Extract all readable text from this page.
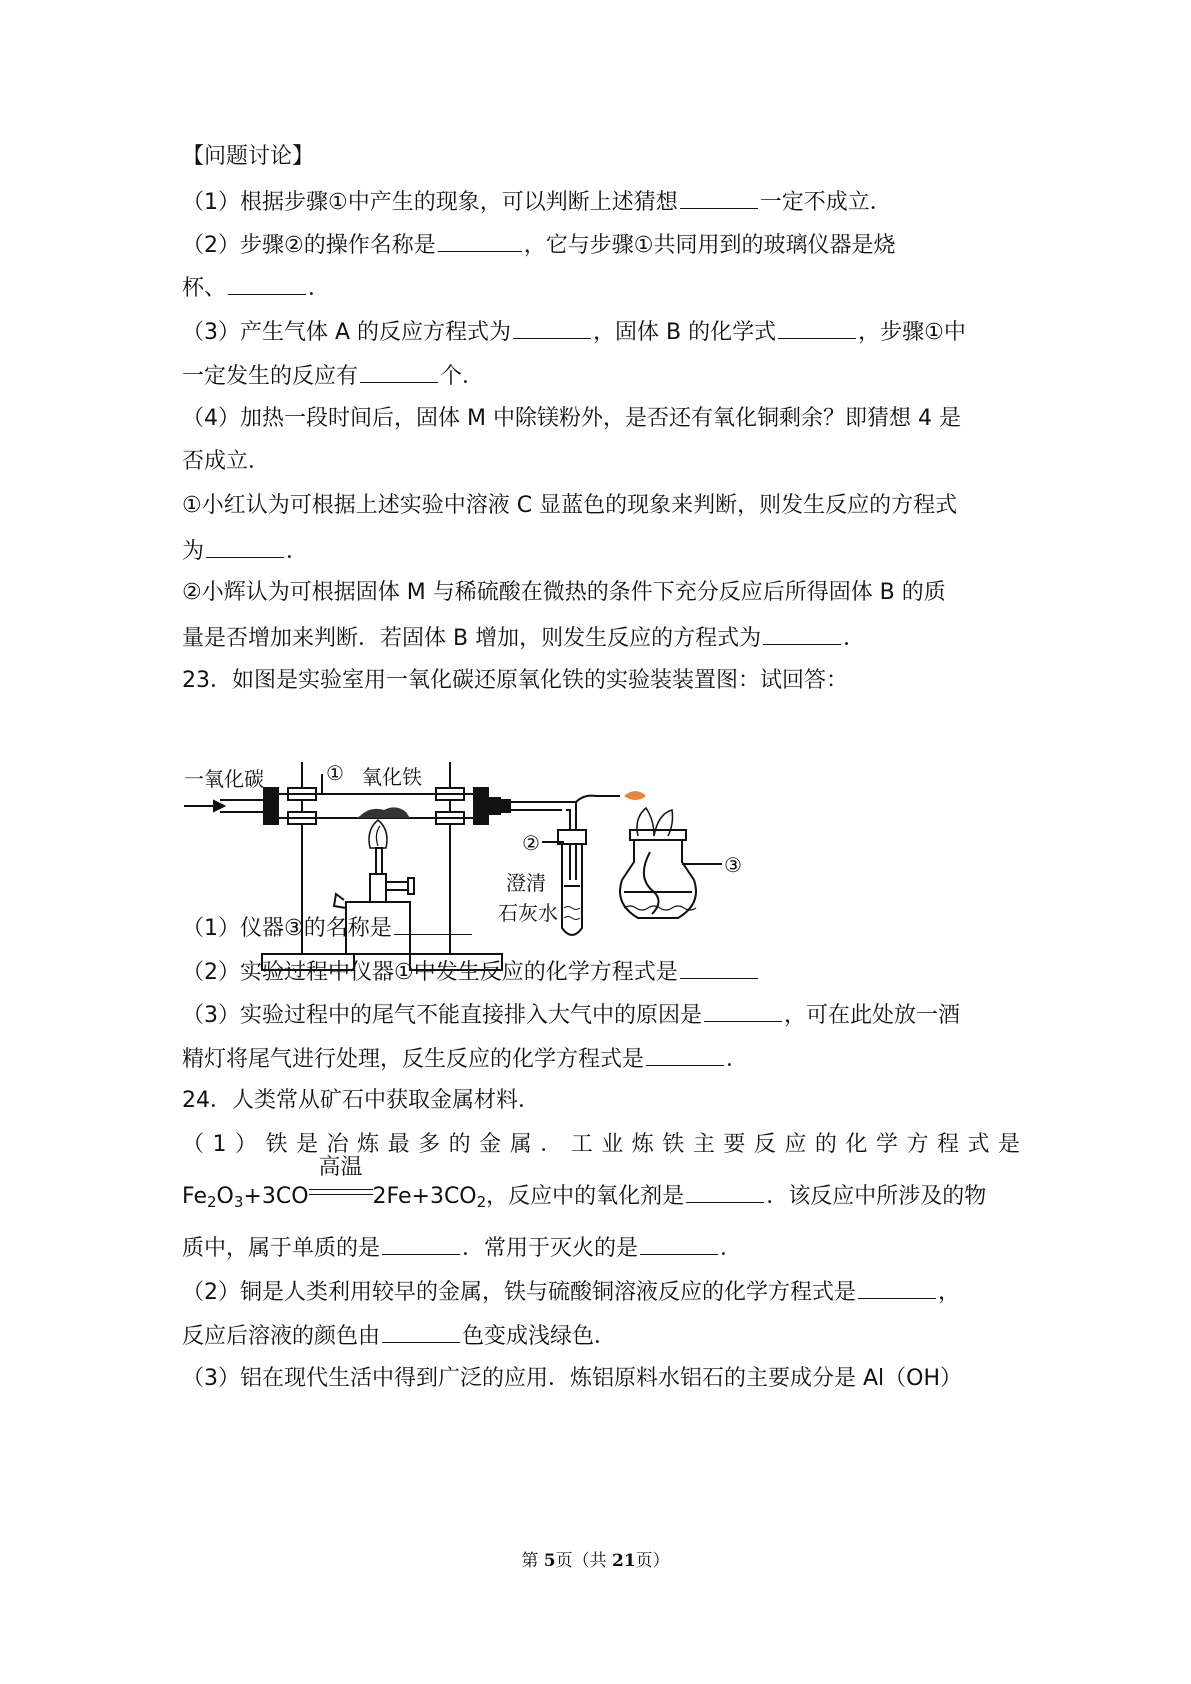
【问题讨论】
（1）根据步骤①中产生的现象，可以判断上述猜想	一定不成立．
（2）步骤②的操作名称是	，它与步骤①共同用到的玻璃仪器是烧
杯、	．
（3）产生气体 A 的反应方程式为	，固体 B 的化学式	，步骤①中
一定发生的反应有	个．
（4）加热一段时间后，固体 M 中除镁粉外，是否还有氧化铜剩余？即猜想 4 是
否成立．
①小红认为可根据上述实验中溶液 C 显蓝色的现象来判断，则发生反应的方程式
为	．
②小辉认为可根据固体 M 与稀硫酸在微热的条件下充分反应后所得固体 B 的质
量是否增加来判断．若固体 B 增加，则发生反应的方程式为	．
23．如图是实验室用一氧化碳还原氧化铁的实验装装置图：试回答：
一氧化碳	氧化铁
①
②
③
澄清
石灰水
（1）仪器③的名称是
（2）实验过程中仪器①中发生反应的化学方程式是
（3）实验过程中的尾气不能直接排入大气中的原因是	，可在此处放一酒
精灯将尾气进行处理，反生反应的化学方程式是	．
24．人类常从矿石中获取金属材料．
（1）铁是冶炼最多的金属．工业炼铁主要反应的化学方程式是
$Fe_2O_3+3CO$
高温
$2Fe+3CO_2$，反应中的氧化剂是	．该反应中所涉及的物
质中，属于单质的是	．常用于灭火的是	．
（2）铜是人类利用较早的金属，铁与硫酸铜溶液反应的化学方程式是	，
反应后溶液的颜色由	色变成浅绿色．
（3）铝在现代生活中得到广泛的应用．炼铝原料水铝石的主要成分是 Al（OH）
第 5页（共 21页）
